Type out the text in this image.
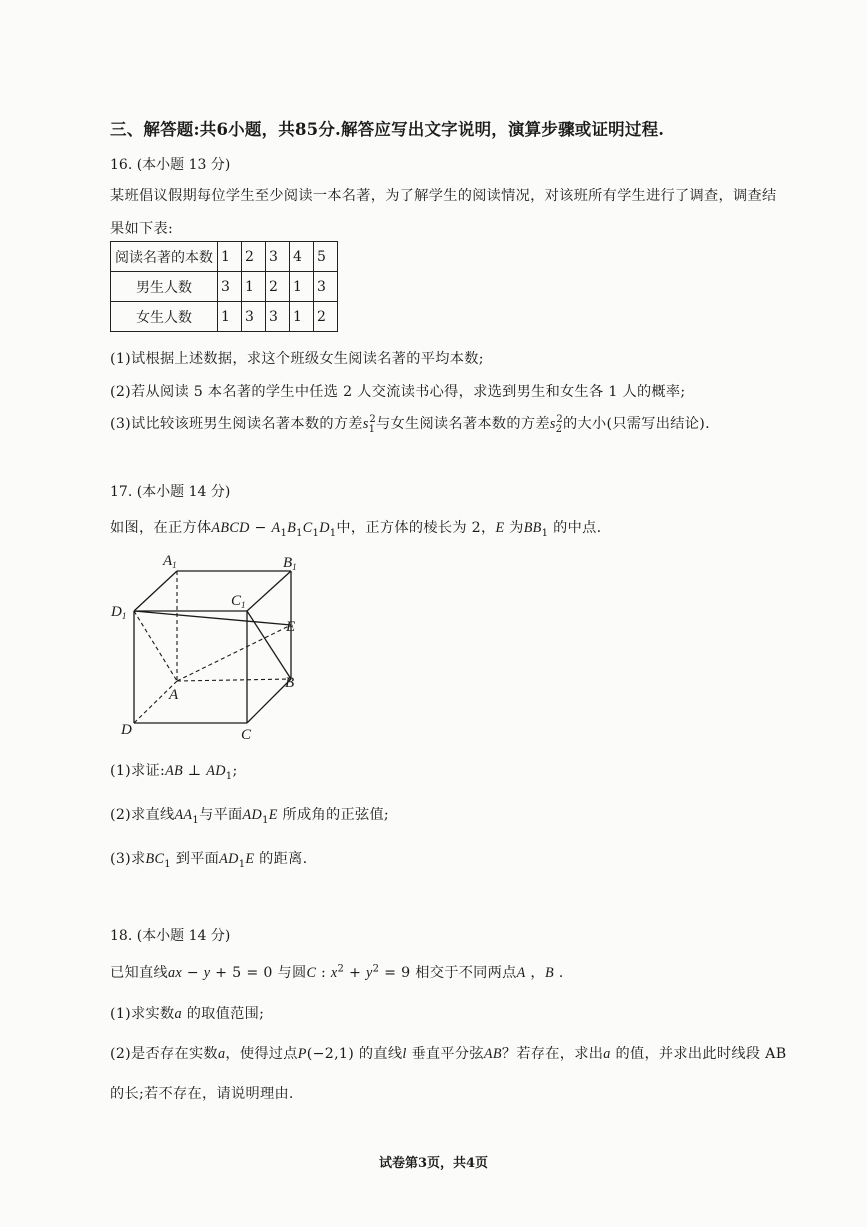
三、解答题:共6小题，共85分.解答应写出文字说明，演算步骤或证明过程.
16. (本小题 13 分)
某班倡议假期每位学生至少阅读一本名著，为了解学生的阅读情况，对该班所有学生进行了调查，调查结
果如下表:
阅读名著的本数	1	2	3	4	5
男生人数	3	1	2	1	3
女生人数	1	3	3	1	2
(1)试根据上述数据，求这个班级女生阅读名著的平均本数;
(2)若从阅读 5 本名著的学生中任选 2 人交流读书心得，求选到男生和女生各 1 人的概率;
(3)试比较该班男生阅读名著本数的方差$s_1^2$与女生阅读名著本数的方差$s_2^2$的大小(只需写出结论).
17. (本小题 14 分)
如图，在正方体ABCD − $A_1B_1C_1D_1$中，正方体的棱长为 2，E 为$BB_1$ 的中点.
$A_1$	$B_1$
$C_1$
$D_1$
E
B
A
D	C
(1)求证:AB ⊥ $AD_1$;
(2)求直线$AA_1$与平面$AD_1E$ 所成角的正弦值;
(3)求$BC_1$ 到平面$AD_1E$ 的距离.
18. (本小题 14 分)
已知直线ax − y + 5 = 0 与圆C : $x^2 + y^2 = 9$ 相交于不同两点A ，B .
(1)求实数a 的取值范围;
(2)是否存在实数a，使得过点P(−2,1) 的直线l 垂直平分弦AB？若存在，求出a 的值，并求出此时线段 AB
的长;若不存在，请说明理由.
试卷第3页，共4页
